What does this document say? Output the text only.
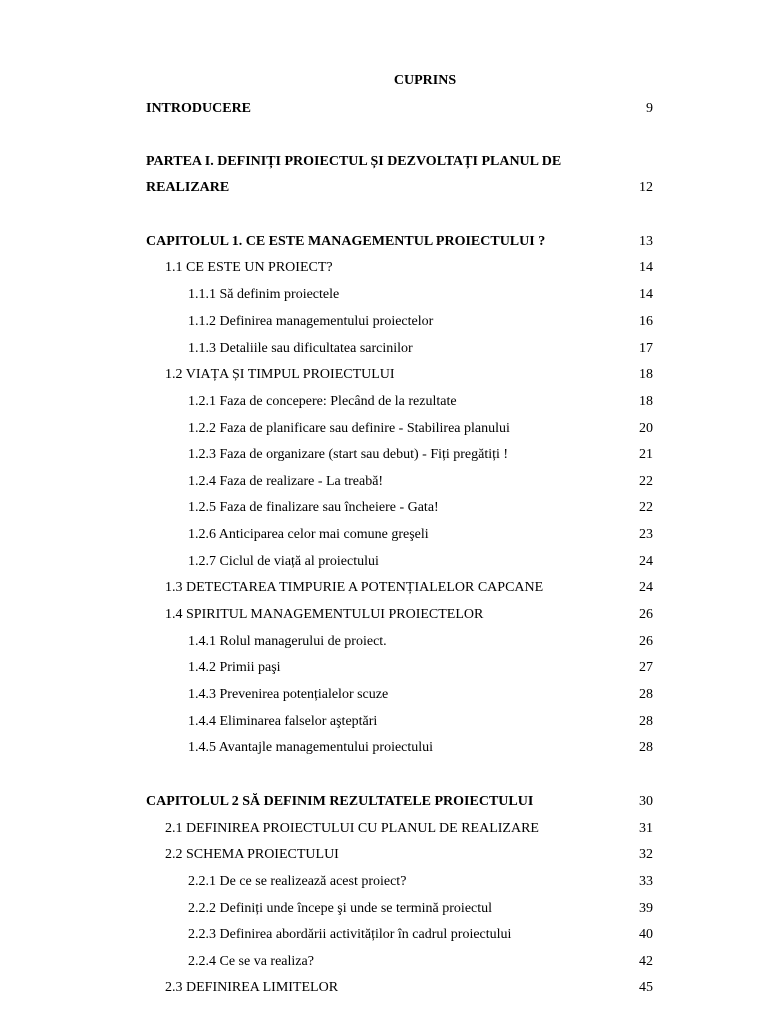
CUPRINS
INTRODUCERE	9
PARTEA I. DEFINIȚI PROIECTUL ȘI DEZVOLTAȚI PLANUL DE
REALIZARE	12
CAPITOLUL 1. CE ESTE MANAGEMENTUL PROIECTULUI ?	13
1.1 CE ESTE UN PROIECT?	14
1.1.1 Să definim proiectele	14
1.1.2 Definirea managementului proiectelor	16
1.1.3 Detaliile sau dificultatea sarcinilor	17
1.2 VIAȚA ȘI TIMPUL PROIECTULUI	18
1.2.1 Faza de concepere: Plecând de la rezultate	18
1.2.2 Faza de planificare sau definire - Stabilirea planului	20
1.2.3 Faza de organizare (start sau debut) - Fiți pregătiți !	21
1.2.4 Faza de realizare - La treabă!	22
1.2.5 Faza de finalizare sau încheiere - Gata!	22
1.2.6 Anticiparea celor mai comune greşeli	23
1.2.7 Ciclul de viață al proiectului	24
1.3 DETECTAREA TIMPURIE A POTENȚIALELOR CAPCANE	24
1.4 SPIRITUL MANAGEMENTULUI PROIECTELOR	26
1.4.1 Rolul managerului de proiect.	26
1.4.2 Primii paşi	27
1.4.3 Prevenirea potențialelor scuze	28
1.4.4 Eliminarea falselor aşteptări	28
1.4.5 Avantajle managementului proiectului	28
CAPITOLUL 2 SĂ DEFINIM REZULTATELE PROIECTULUI	30
2.1 DEFINIREA PROIECTULUI CU PLANUL DE REALIZARE	31
2.2 SCHEMA PROIECTULUI	32
2.2.1 De ce se realizează acest proiect?	33
2.2.2 Definiți unde începe şi unde se termină proiectul	39
2.2.3 Definirea abordării activităților în cadrul proiectului	40
2.2.4 Ce se va realiza?	42
2.3 DEFINIREA LIMITELOR	45
